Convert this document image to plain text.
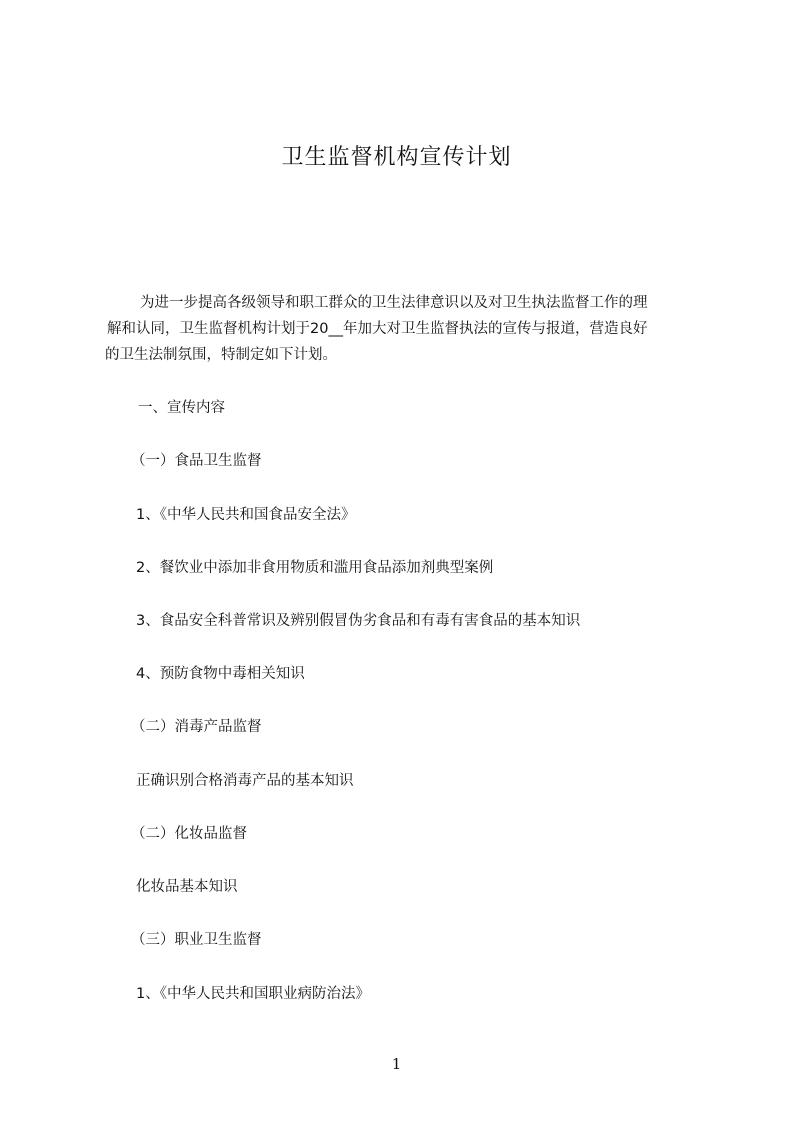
卫生监督机构宣传计划
为进一步提高各级领导和职工群众的卫生法律意识以及对卫生执法监督工作的理
解和认同，卫生监督机构计划于20__年加大对卫生监督执法的宣传与报道，营造良好
的卫生法制氛围，特制定如下计划。
一、宣传内容
（一）食品卫生监督
1、《中华人民共和国食品安全法》
2、餐饮业中添加非食用物质和滥用食品添加剂典型案例
3、食品安全科普常识及辨别假冒伪劣食品和有毒有害食品的基本知识
4、预防食物中毒相关知识
（二）消毒产品监督
正确识别合格消毒产品的基本知识
（二）化妆品监督
化妆品基本知识
（三）职业卫生监督
1、《中华人民共和国职业病防治法》
1
